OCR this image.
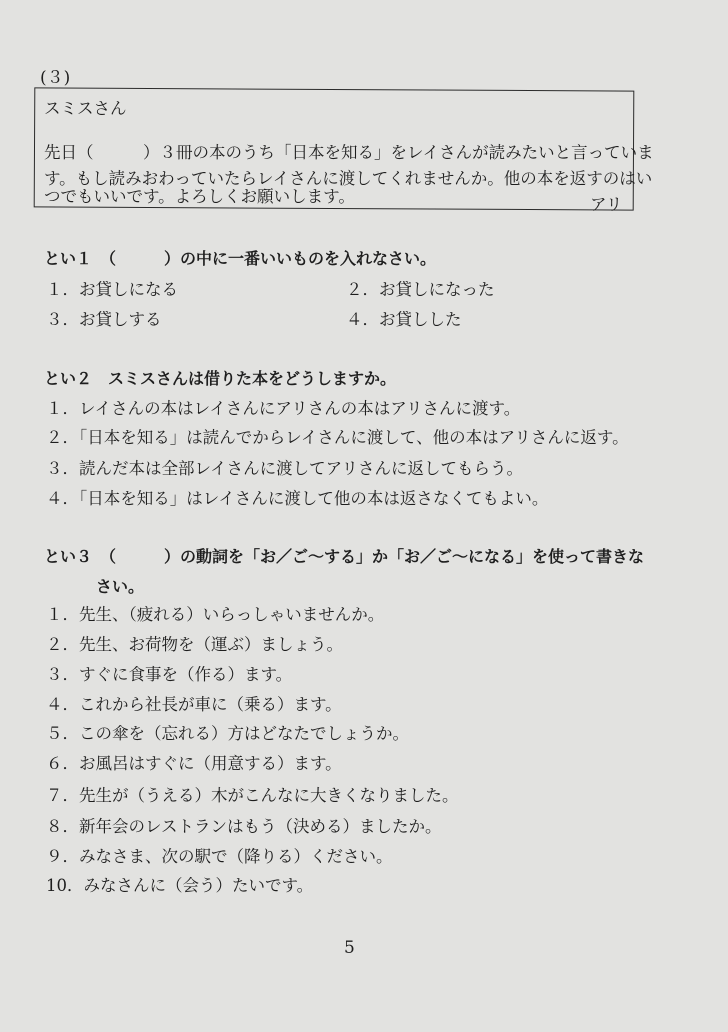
(３)
スミスさん
先日（　　　）３冊の本のうち「日本を知る」をレイさんが読みたいと言っていま
す。もし読みおわっていたらレイさんに渡してくれませんか。他の本を返すのはい
つでもいいです。よろしくお願いします。	アリ
とい１　（　　　）の中に一番いいものを入れなさい。
１．お貸しになる	２．お貸しになった
３．お貸しする	４．お貸しした
とい２　スミスさんは借りた本をどうしますか。
１．レイさんの本はレイさんにアリさんの本はアリさんに渡す。
２．「日本を知る」は読んでからレイさんに渡して、他の本はアリさんに返す。
３．読んだ本は全部レイさんに渡してアリさんに返してもらう。
４．「日本を知る」はレイさんに渡して他の本は返さなくてもよい。
とい３　（　　　）の動詞を「お／ご～する」か「お／ご～になる」を使って書きな
さい。
１．先生、（疲れる）いらっしゃいませんか。
２．先生、お荷物を（運ぶ）ましょう。
３．すぐに食事を（作る）ます。
４．これから社長が車に（乗る）ます。
５．この傘を（忘れる）方はどなたでしょうか。
６．お風呂はすぐに（用意する）ます。
７．先生が（うえる）木がこんなに大きくなりました。
８．新年会のレストランはもう（決める）ましたか。
９．みなさま、次の駅で（降りる）ください。
10．みなさんに（会う）たいです。
5
